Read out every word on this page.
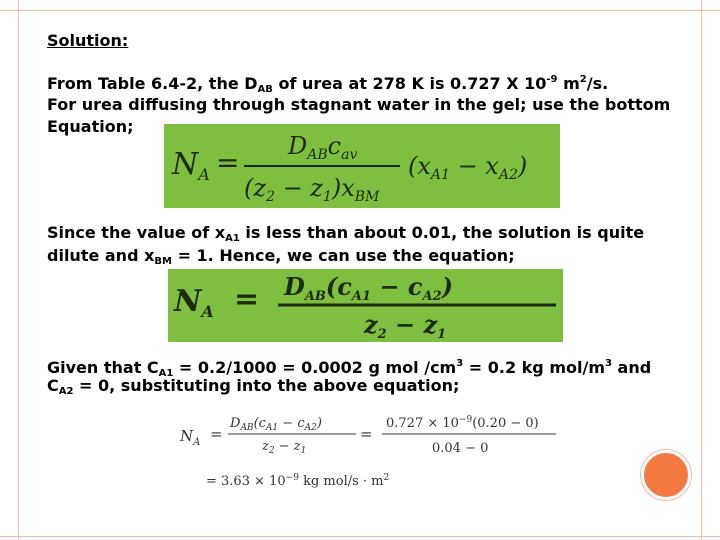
Solution:
From Table 6.4-2, the $D_{AB}$ of urea at 278 K is 0.727 X $10^{-9}$ $m^2/s$.
For urea diffusing through stagnant water in the gel; use the bottom
Equation;
$N_A = D_{AB}c_{av}$
$(z_2 - z_1)x_{BM}$
$(x_{A1} - x_{A2})$
Since the value of $x_{A1}$ is less than about 0.01, the solution is quite
dilute and $x_{BM} = 1$. Hence, we can use the equation;
$N_A = D_{AB}(c_{A1} - c_{A2})$
$z_2 - z_1$
Given that $C_{A1} = 0.2/1000 = 0.0002$ g mol $/cm^3 = 0.2$ kg mol/$m^3$ and
$C_{A2} = 0$, substituting into the above equation;
$N_A$ =
$D_{AB}(c_{A1} - c_{A2})$
$z_2 - z_1$
=
$0.727 \times 10^{-9}(0.20 - 0)$
0.04 − 0
= $3.63 \times 10^{-9}$ kg $mol/s \cdot m^2$
